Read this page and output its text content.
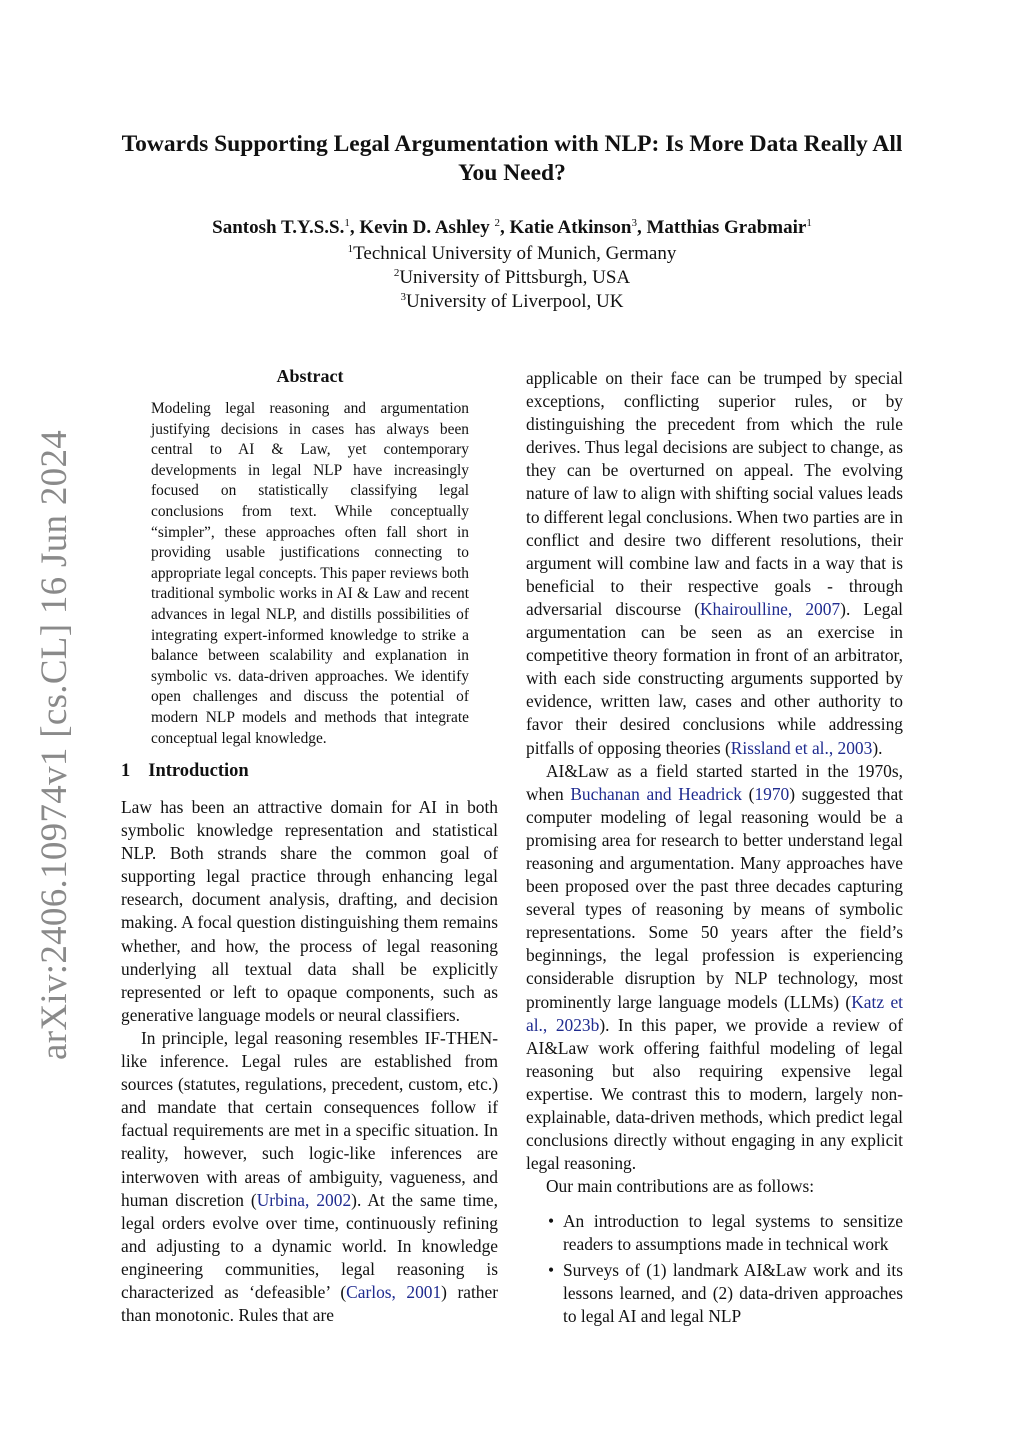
arXiv:2406.10974v1 [cs.CL] 16 Jun 2024
Towards Supporting Legal Argumentation with NLP: Is More Data Really All You Need?
Santosh T.Y.S.S.$^1$, Kevin D. Ashley $^2$, Katie Atkinson$^3$, Matthias Grabmair$^1$
$^1$Technical University of Munich, Germany
$^2$University of Pittsburgh, USA
$^3$University of Liverpool, UK
Abstract
Modeling legal reasoning and argumentation justifying decisions in cases has always been central to AI & Law, yet contemporary developments in legal NLP have increasingly focused on statistically classifying legal conclusions from text. While conceptually “simpler”, these approaches often fall short in providing usable justifications connecting to appropriate legal concepts. This paper reviews both traditional symbolic works in AI & Law and recent advances in legal NLP, and distills possibilities of integrating expert-informed knowledge to strike a balance between scalability and explanation in symbolic vs. data-driven approaches. We identify open challenges and discuss the potential of modern NLP models and methods that integrate conceptual legal knowledge.
1 Introduction

Law has been an attractive domain for AI in both symbolic knowledge representation and statistical NLP. Both strands share the common goal of supporting legal practice through enhancing legal research, document analysis, drafting, and decision making. A focal question distinguishing them remains whether, and how, the process of legal reasoning underlying all textual data shall be explicitly represented or left to opaque components, such as generative language models or neural classifiers.

In principle, legal reasoning resembles IF-THEN-like inference. Legal rules are established from sources (statutes, regulations, precedent, custom, etc.) and mandate that certain consequences follow if factual requirements are met in a specific situation. In reality, however, such logic-like inferences are interwoven with areas of ambiguity, vagueness, and human discretion (Urbina, 2002). At the same time, legal orders evolve over time, continuously refining and adjusting to a dynamic world. In knowledge engineering communities, legal reasoning is characterized as ‘defeasible’ (Carlos, 2001) rather than monotonic. Rules that are

applicable on their face can be trumped by special exceptions, conflicting superior rules, or by distinguishing the precedent from which the rule derives. Thus legal decisions are subject to change, as they can be overturned on appeal. The evolving nature of law to align with shifting social values leads to different legal conclusions. When two parties are in conflict and desire two different resolutions, their argument will combine law and facts in a way that is beneficial to their respective goals - through adversarial discourse (Khairoulline, 2007). Legal argumentation can be seen as an exercise in competitive theory formation in front of an arbitrator, with each side constructing arguments supported by evidence, written law, cases and other authority to favor their desired conclusions while addressing pitfalls of opposing theories (Rissland et al., 2003).

AI&Law as a field started started in the 1970s, when Buchanan and Headrick (1970) suggested that computer modeling of legal reasoning would be a promising area for research to better understand legal reasoning and argumentation. Many approaches have been proposed over the past three decades capturing several types of reasoning by means of symbolic representations. Some 50 years after the field’s beginnings, the legal profession is experiencing considerable disruption by NLP technology, most prominently large language models (LLMs) (Katz et al., 2023b). In this paper, we provide a review of AI&Law work offering faithful modeling of legal reasoning but also requiring expensive legal expertise. We contrast this to modern, largely non-explainable, data-driven methods, which predict legal conclusions directly without engaging in any explicit legal reasoning.

Our main contributions are as follows:

• An introduction to legal systems to sensitize readers to assumptions made in technical work
• Surveys of (1) landmark AI&Law work and its lessons learned, and (2) data-driven approaches to legal AI and legal NLP
